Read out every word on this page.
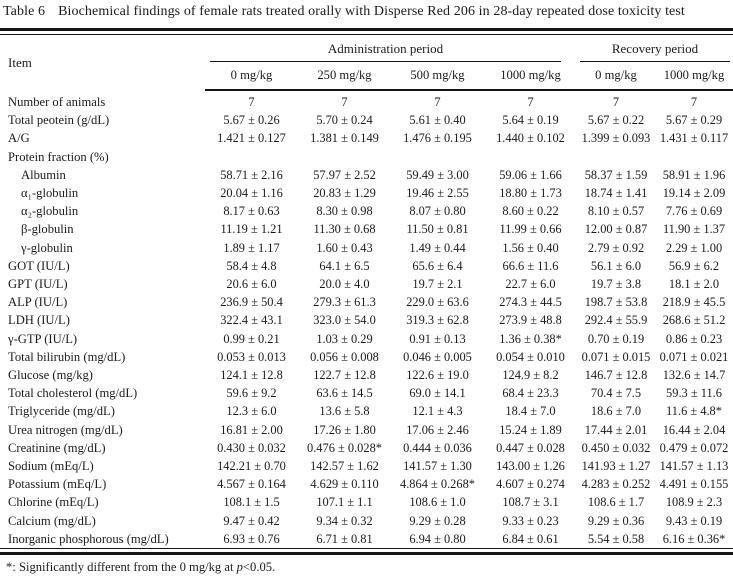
Table 6 Biochemical findings of female rats treated orally with Disperse Red 206 in 28-day repeated dose toxicity test
Item	Administration period				Recovery period	

	0 mg/kg	250 mg/kg	500 mg/kg	1000 mg/kg	0 mg/kg	1000 mg/kg
Number of animals	7	7	7	7	7	7
Total peotein (g/dL)	5.67 ± 0.26	5.70 ± 0.24	5.61 ± 0.40	5.64 ± 0.19	5.67 ± 0.22	5.67 ± 0.29
A/G	1.421 ± 0.127	1.381 ± 0.149	1.476 ± 0.195	1.440 ± 0.102	1.399 ± 0.093	1.431 ± 0.117
Protein fraction (%)						
Albumin	58.71 ± 2.16	57.97 ± 2.52	59.49 ± 3.00	59.06 ± 1.66	58.37 ± 1.59	58.91 ± 1.96
α₁-globulin	20.04 ± 1.16	20.83 ± 1.29	19.46 ± 2.55	18.80 ± 1.73	18.74 ± 1.41	19.14 ± 2.09
α₂-globulin	8.17 ± 0.63	8.30 ± 0.98	8.07 ± 0.80	8.60 ± 0.22	8.10 ± 0.57	7.76 ± 0.69
β-globulin	11.19 ± 1.21	11.30 ± 0.68	11.50 ± 0.81	11.99 ± 0.66	12.00 ± 0.87	11.90 ± 1.37
γ-globulin	1.89 ± 1.17	1.60 ± 0.43	1.49 ± 0.44	1.56 ± 0.40	2.79 ± 0.92	2.29 ± 1.00
GOT (IU/L)	58.4 ± 4.8	64.1 ± 6.5	65.6 ± 6.4	66.6 ± 11.6	56.1 ± 6.0	56.9 ± 6.2
GPT (IU/L)	20.6 ± 6.0	20.0 ± 4.0	19.7 ± 2.1	22.7 ± 6.0	19.7 ± 3.8	18.1 ± 2.0
ALP (IU/L)	236.9 ± 50.4	279.3 ± 61.3	229.0 ± 63.6	274.3 ± 44.5	198.7 ± 53.8	218.9 ± 45.5
LDH (IU/L)	322.4 ± 43.1	323.0 ± 54.0	319.3 ± 62.8	273.9 ± 48.8	292.4 ± 55.9	268.6 ± 51.2
γ-GTP (IU/L)	0.99 ± 0.21	1.03 ± 0.29	0.91 ± 0.13	1.36 ± 0.38*	0.70 ± 0.19	0.86 ± 0.23
Total bilirubin (mg/dL)	0.053 ± 0.013	0.056 ± 0.008	0.046 ± 0.005	0.054 ± 0.010	0.071 ± 0.015	0.071 ± 0.021
Glucose (mg/kg)	124.1 ± 12.8	122.7 ± 12.8	122.6 ± 19.0	124.9 ± 8.2	146.7 ± 12.8	132.6 ± 14.7
Total cholesterol (mg/dL)	59.6 ± 9.2	63.6 ± 14.5	69.0 ± 14.1	68.4 ± 23.3	70.4 ± 7.5	59.3 ± 11.6
Triglyceride (mg/dL)	12.3 ± 6.0	13.6 ± 5.8	12.1 ± 4.3	18.4 ± 7.0	18.6 ± 7.0	11.6 ± 4.8*
Urea nitrogen (mg/dL)	16.81 ± 2.00	17.26 ± 1.80	17.06 ± 2.46	15.24 ± 1.89	17.44 ± 2.01	16.44 ± 2.04
Creatinine (mg/dL)	0.430 ± 0.032	0.476 ± 0.028*	0.444 ± 0.036	0.447 ± 0.028	0.450 ± 0.032	0.479 ± 0.072
Sodium (mEq/L)	142.21 ± 0.70	142.57 ± 1.62	141.57 ± 1.30	143.00 ± 1.26	141.93 ± 1.27	141.57 ± 1.13
Potassium (mEq/L)	4.567 ± 0.164	4.629 ± 0.110	4.864 ± 0.268*	4.607 ± 0.274	4.283 ± 0.252	4.491 ± 0.155
Chlorine (mEq/L)	108.1 ± 1.5	107.1 ± 1.1	108.6 ± 1.0	108.7 ± 3.1	108.6 ± 1.7	108.9 ± 2.3
Calcium (mg/dL)	9.47 ± 0.42	9.34 ± 0.32	9.29 ± 0.28	9.33 ± 0.23	9.29 ± 0.36	9.43 ± 0.19
Inorganic phosphorous (mg/dL)	6.93 ± 0.76	6.71 ± 0.81	6.94 ± 0.80	6.84 ± 0.61	5.54 ± 0.58	6.16 ± 0.36*
*: Significantly different from the 0 mg/kg at p<0.05.
